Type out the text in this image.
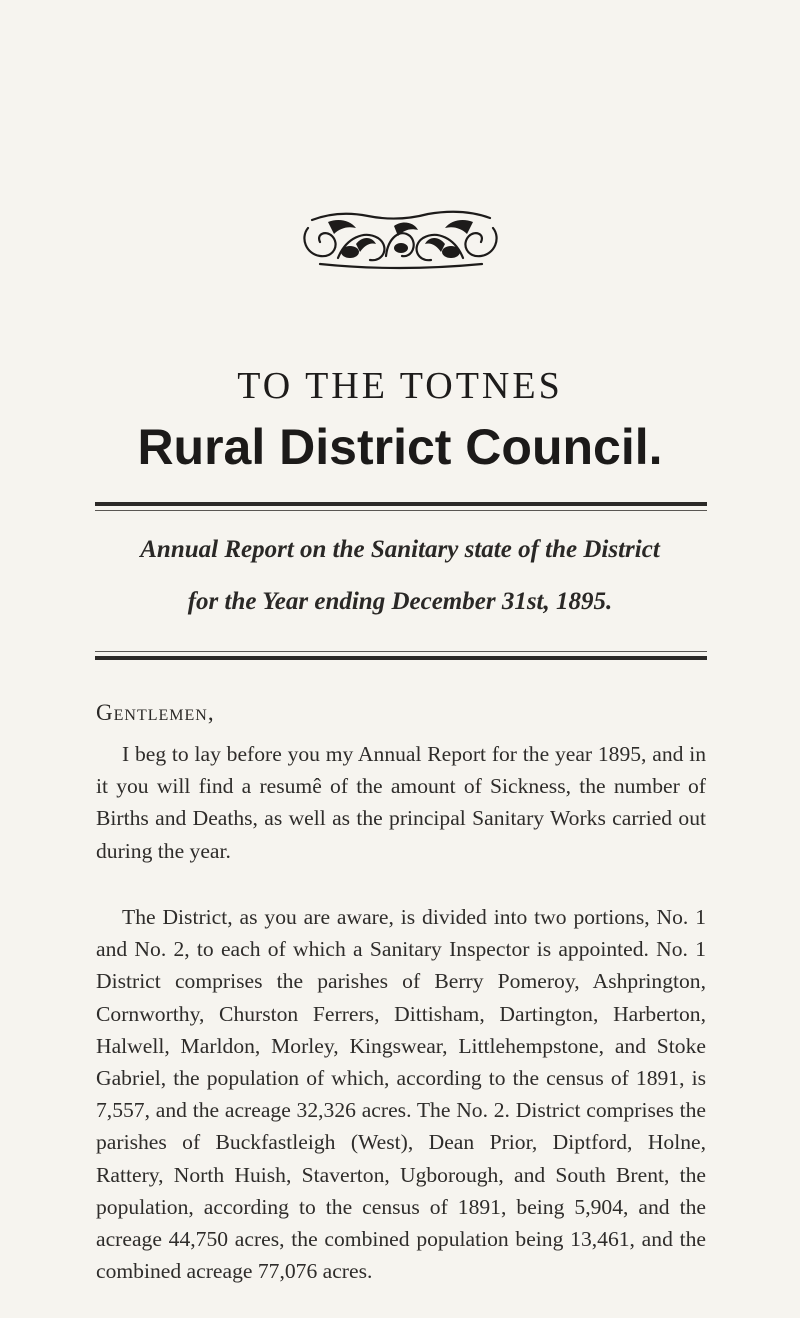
TO THE TOTNES
Rural District Council.
Annual Report on the Sanitary state of the District
for the Year ending December 31st, 1895.
Gentlemen,

I beg to lay before you my Annual Report for the year 1895, and in it you will find a resumê of the amount of Sickness, the number of Births and Deaths, as well as the principal Sanitary Works carried out during the year.

The District, as you are aware, is divided into two portions, No. 1 and No. 2, to each of which a Sanitary Inspector is appointed. No. 1 District comprises the parishes of Berry Pomeroy, Ashprington, Cornworthy, Churston Ferrers, Dittisham, Dartington, Harberton, Halwell, Marldon, Morley, Kingswear, Littlehempstone, and Stoke Gabriel, the population of which, according to the census of 1891, is 7,557, and the acreage 32,326 acres. The No. 2. District comprises the parishes of Buckfastleigh (West), Dean Prior, Diptford, Holne, Rattery, North Huish, Staverton, Ugborough, and South Brent, the population, according to the census of 1891, being 5,904, and the acreage 44,750 acres, the combined population being 13,461, and the combined acreage 77,076 acres.
